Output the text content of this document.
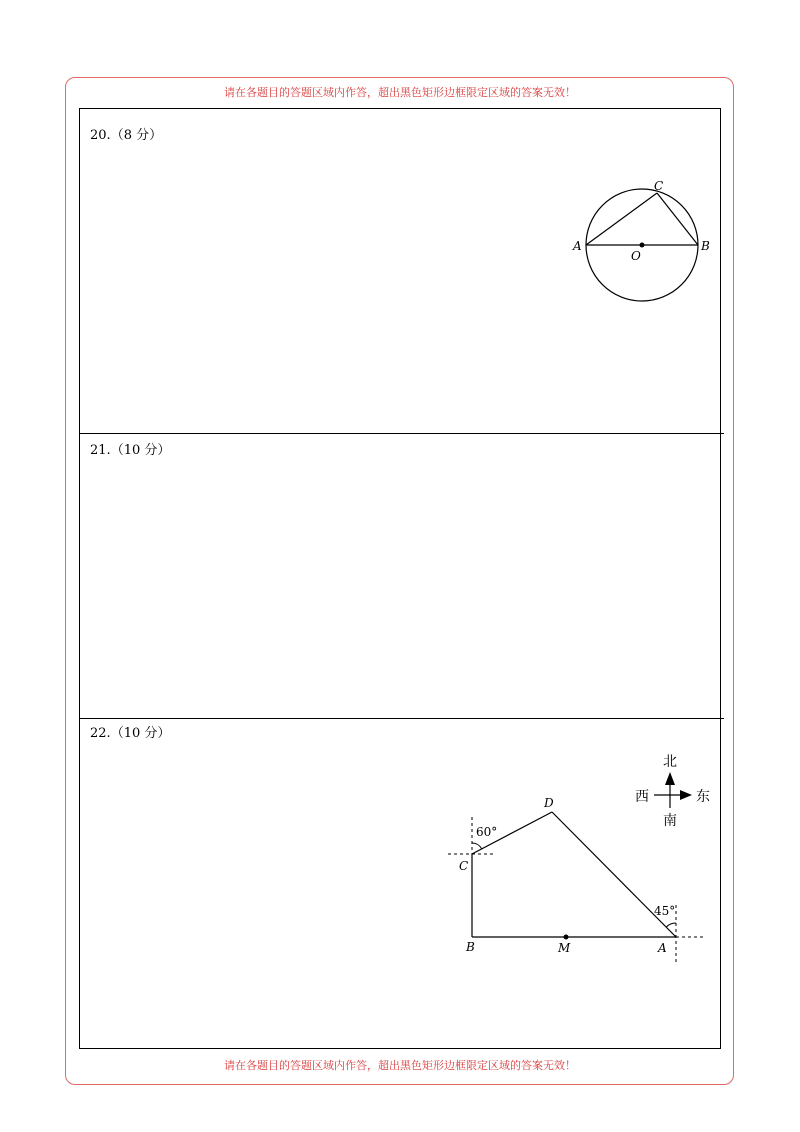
请在各题目的答题区域内作答，超出黑色矩形边框限定区域的答案无效！
20.（8 分）
A	B
C
O
21.（10 分）
22.（10 分）
60°
45°
D
C
B	M	A
北
南
东
西
请在各题目的答题区域内作答，超出黑色矩形边框限定区域的答案无效！
